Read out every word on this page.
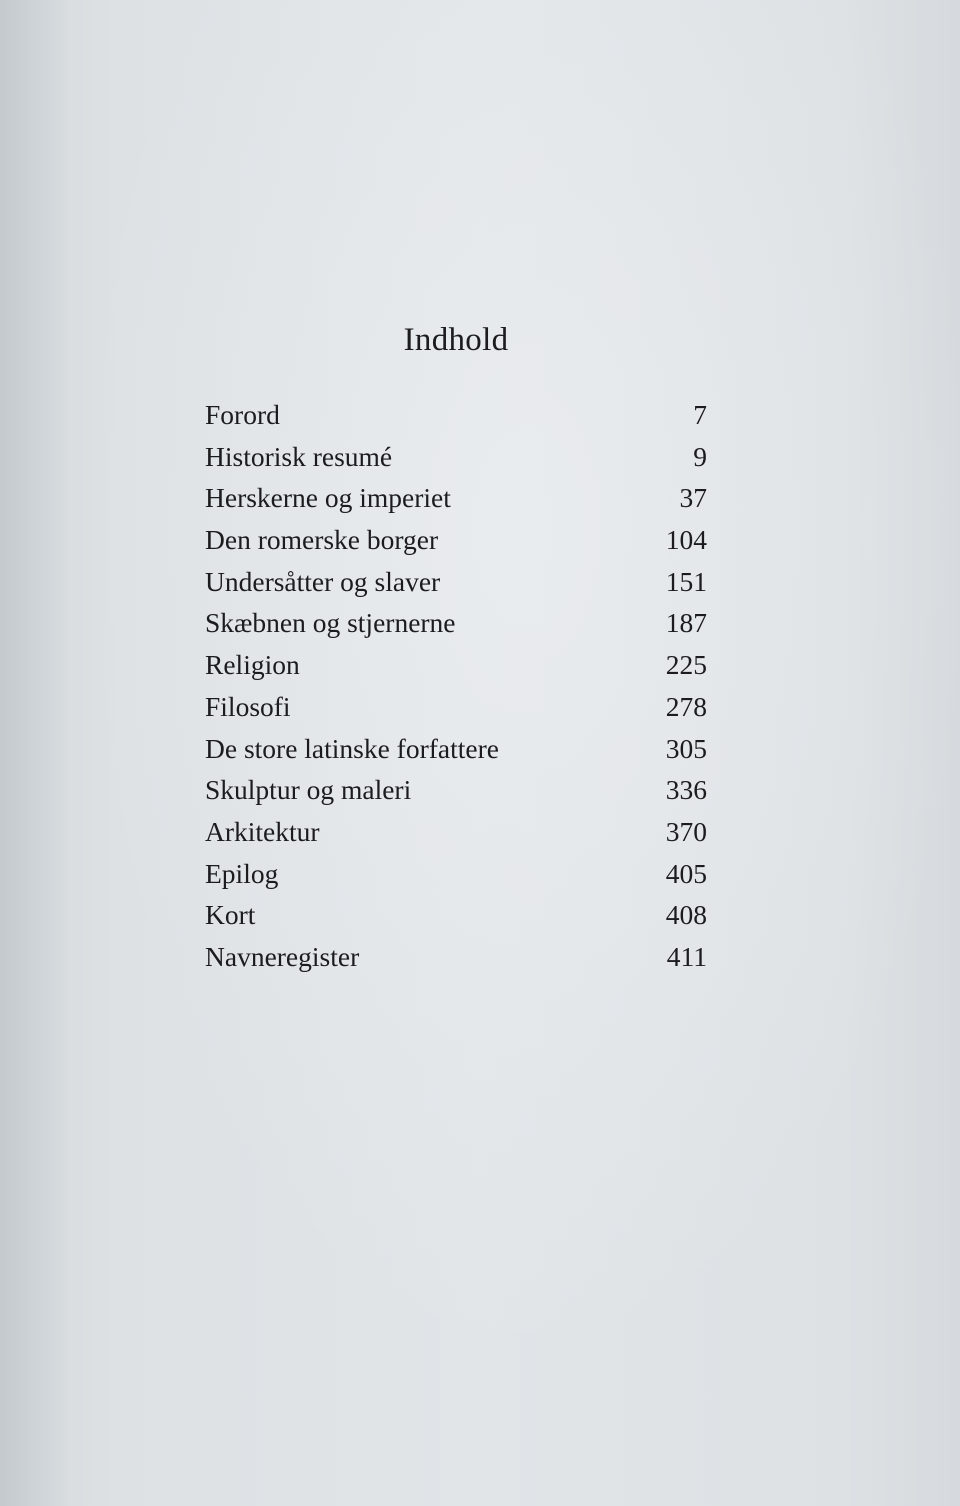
Indhold
Forord	7
Historisk resumé	9
Herskerne og imperiet	37
Den romerske borger	104
Undersåtter og slaver	151
Skæbnen og stjernerne	187
Religion	225
Filosofi	278
De store latinske forfattere	305
Skulptur og maleri	336
Arkitektur	370
Epilog	405
Kort	408
Navneregister	411
